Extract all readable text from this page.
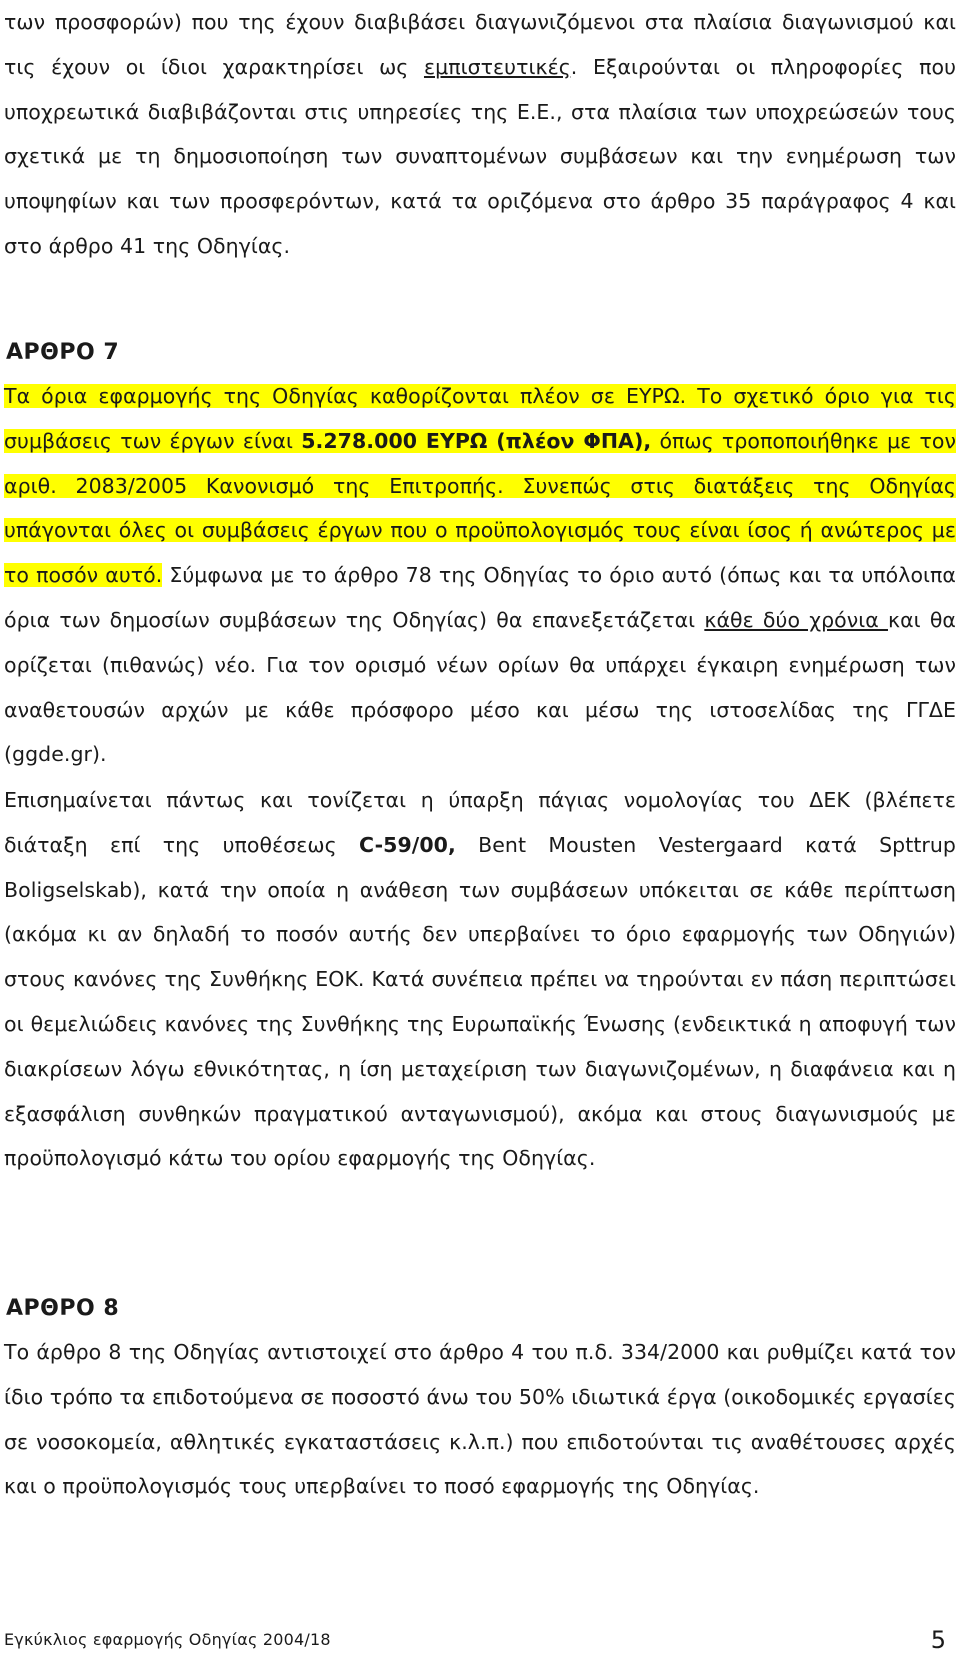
των προσφορών) που της έχουν διαβιβάσει διαγωνιζόμενοι στα πλαίσια διαγωνισμού και τις έχουν οι ίδιοι χαρακτηρίσει ως εμπιστευτικές. Εξαιρούνται οι πληροφορίες που υποχρεωτικά διαβιβάζονται στις υπηρεσίες της Ε.Ε., στα πλαίσια των υποχρεώσεών τους σχετικά με τη δημοσιοποίηση των συναπτομένων συμβάσεων και την ενημέρωση των υποψηφίων και των προσφερόντων, κατά τα οριζόμενα στο άρθρο 35 παράγραφος 4 και στο άρθρο 41 της Οδηγίας.

ΑΡΘΡΟ 7

Τα όρια εφαρμογής της Οδηγίας καθορίζονται πλέον σε ΕΥΡΩ. Το σχετικό όριο για τις συμβάσεις των έργων είναι 5.278.000 ΕΥΡΩ (πλέον ΦΠΑ), όπως τροποποιήθηκε με τον αριθ. 2083/2005 Κανονισμό της Επιτροπής. Συνεπώς στις διατάξεις της Οδηγίας υπάγονται όλες οι συμβάσεις έργων που ο προϋπολογισμός τους είναι ίσος ή ανώτερος με το ποσόν αυτό. Σύμφωνα με το άρθρο 78 της Οδηγίας το όριο αυτό (όπως και τα υπόλοιπα όρια των δημοσίων συμβάσεων της Οδηγίας) θα επανεξετάζεται κάθε δύο χρόνια και θα ορίζεται (πιθανώς) νέο. Για τον ορισμό νέων ορίων θα υπάρχει έγκαιρη ενημέρωση των αναθετουσών αρχών με κάθε πρόσφορο μέσο και μέσω της ιστοσελίδας της ΓΓΔΕ (ggde.gr).

Επισημαίνεται πάντως και τονίζεται η ύπαρξη πάγιας νομολογίας του ΔΕΚ (βλέπετε διάταξη επί της υποθέσεως C-59/00, Bent Mousten Vestergaard κατά Spttrup Boligselskab), κατά την οποία η ανάθεση των συμβάσεων υπόκειται σε κάθε περίπτωση (ακόμα κι αν δηλαδή το ποσόν αυτής δεν υπερβαίνει το όριο εφαρμογής των Οδηγιών) στους κανόνες της Συνθήκης ΕΟΚ. Κατά συνέπεια πρέπει να τηρούνται εν πάση περιπτώσει οι θεμελιώδεις κανόνες της Συνθήκης της Ευρωπαϊκής Ένωσης (ενδεικτικά η αποφυγή των διακρίσεων λόγω εθνικότητας, η ίση μεταχείριση των διαγωνιζομένων, η διαφάνεια και η εξασφάλιση συνθηκών πραγματικού ανταγωνισμού), ακόμα και στους διαγωνισμούς με προϋπολογισμό κάτω του ορίου εφαρμογής της Οδηγίας.

ΑΡΘΡΟ 8

Το άρθρο 8 της Οδηγίας αντιστοιχεί στο άρθρο 4 του π.δ. 334/2000 και ρυθμίζει κατά τον ίδιο τρόπο τα επιδοτούμενα σε ποσοστό άνω του 50% ιδιωτικά έργα (οικοδομικές εργασίες σε νοσοκομεία, αθλητικές εγκαταστάσεις κ.λ.π.) που επιδοτούνται τις αναθέτουσες αρχές και ο προϋπολογισμός τους υπερβαίνει το ποσό εφαρμογής της Οδηγίας.

Εγκύκλιος εφαρμογής Οδηγίας 2004/18	5
